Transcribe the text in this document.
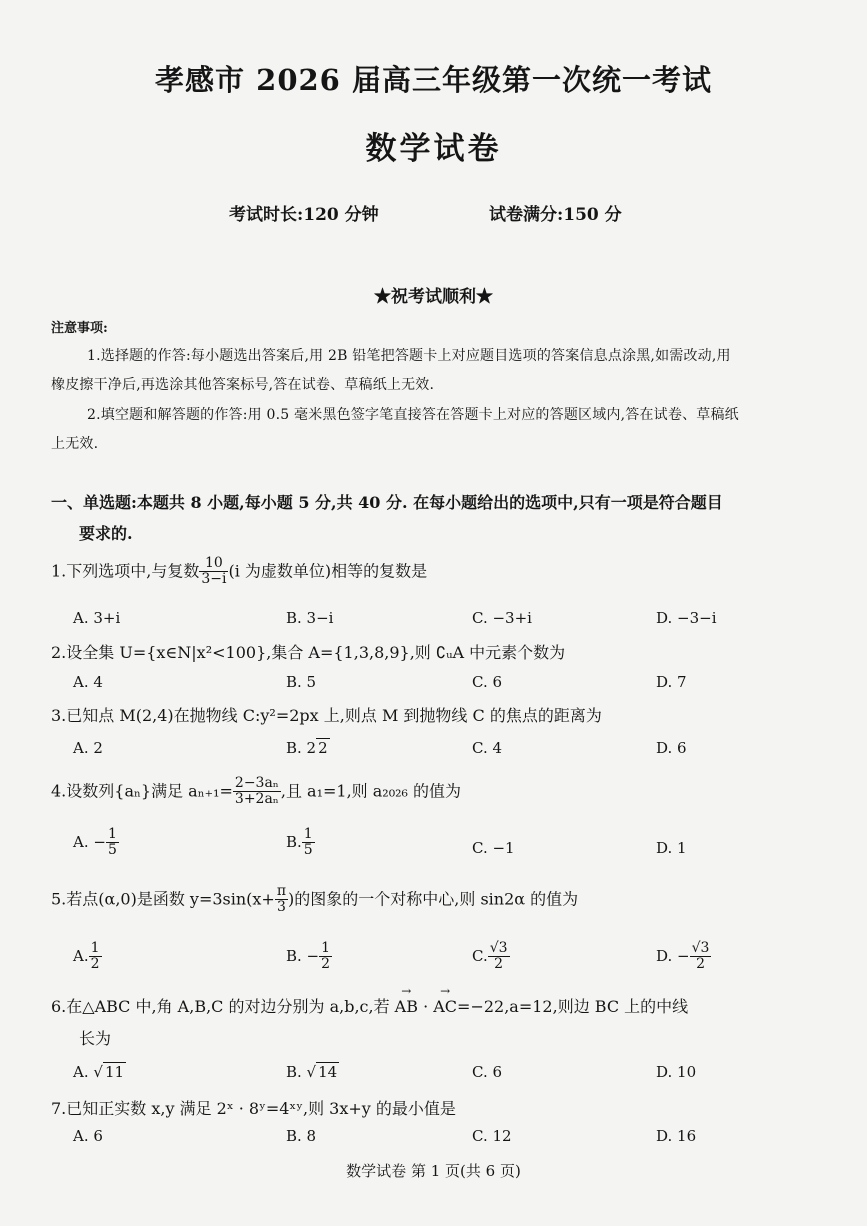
孝感市 2026 届高三年级第一次统一考试
数学试卷
考试时长:120 分钟	试卷满分:150 分
★祝考试顺利★
注意事项:
1.选择题的作答:每小题选出答案后,用 2B 铅笔把答题卡上对应题目选项的答案信息点涂黑,如需改动,用
橡皮擦干净后,再选涂其他答案标号,答在试卷、草稿纸上无效.
2.填空题和解答题的作答:用 0.5 毫米黑色签字笔直接答在答题卡上对应的答题区域内,答在试卷、草稿纸
上无效.
一、单选题:本题共 8 小题,每小题 5 分,共 40 分. 在每小题给出的选项中,只有一项是符合题目
要求的.
1.下列选项中,与复数 $\frac{10}{3-i} (i$ 为虚数单位)相等的复数是
A. 3+i	B. 3−i	C. −3+i	D. −3−i
2.设全集 U={x∈N|x²<100},集合 A={1,3,8,9},则 ∁ᵤA 中元素个数为
A. 4	B. 5	C. 6	D. 7
3.已知点 M(2,4)在抛物线 C:y²=2px 上,则点 M 到抛物线 C 的焦点的距离为
A. 2	B. 2 2	C. 4	D. 6
4.设数列{aₙ}满足 $a_{n+1}= \frac{\text{2−3aₙ}}{\text{3+2aₙ}}$ ,且 a₁=1,则 a₂₀₂₆ 的值为
A. − $\frac{1}{5}$	B. $\frac{1}{5}$	C. −1	D. 1
5.若点(α,0)是函数 $y=3\sin(x+ \frac{\pi}{3}$ )的图象的一个对称中心,则 sin2α 的值为
A. $\frac{1}{2}$	B. − $\frac{1}{2}$	C. $\frac{√3}{2}$	D. − $\frac{√3}{2}$
6.在△ABC 中,角 A,B,C 的对边分别为 a,b,c,若 → AB · → AC=−22,a=12,则边 BC 上的中线
长为
A. √ 11	B. √ 14	C. 6	D. 10
7.已知正实数 x,y 满足 2ˣ · 8ʸ=4ˣʸ,则 3x+y 的最小值是
A. 6	B. 8	C. 12	D. 16
数学试卷 第 1 页(共 6 页)
